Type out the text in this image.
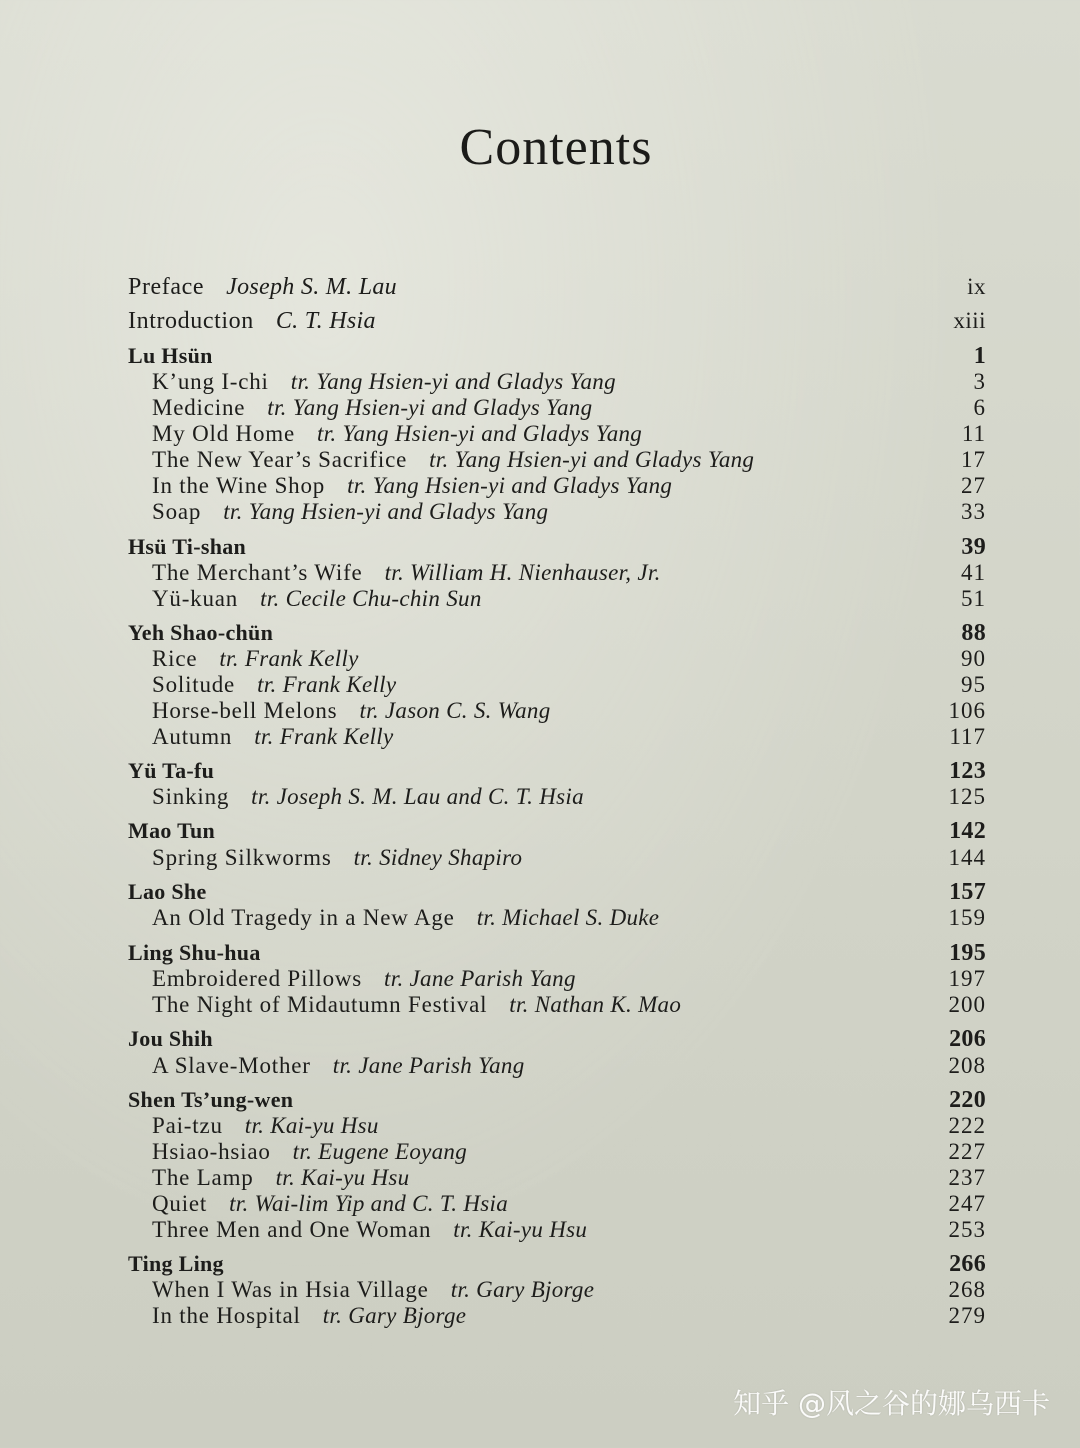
Contents
Preface Joseph S. M. Lau	ix
Introduction C. T. Hsia	xiii
Lu Hsün	1
K’ung I-chi tr. Yang Hsien-yi and Gladys Yang	3
Medicine tr. Yang Hsien-yi and Gladys Yang	6
My Old Home tr. Yang Hsien-yi and Gladys Yang	11
The New Year’s Sacrifice tr. Yang Hsien-yi and Gladys Yang	17
In the Wine Shop tr. Yang Hsien-yi and Gladys Yang	27
Soap tr. Yang Hsien-yi and Gladys Yang	33
Hsü Ti-shan	39
The Merchant’s Wife tr. William H. Nienhauser, Jr.	41
Yü-kuan tr. Cecile Chu-chin Sun	51
Yeh Shao-chün	88
Rice tr. Frank Kelly	90
Solitude tr. Frank Kelly	95
Horse-bell Melons tr. Jason C. S. Wang	106
Autumn tr. Frank Kelly	117
Yü Ta-fu	123
Sinking tr. Joseph S. M. Lau and C. T. Hsia	125
Mao Tun	142
Spring Silkworms tr. Sidney Shapiro	144
Lao She	157
An Old Tragedy in a New Age tr. Michael S. Duke	159
Ling Shu-hua	195
Embroidered Pillows tr. Jane Parish Yang	197
The Night of Midautumn Festival tr. Nathan K. Mao	200
Jou Shih	206
A Slave-Mother tr. Jane Parish Yang	208
Shen Ts’ung-wen	220
Pai-tzu tr. Kai-yu Hsu	222
Hsiao-hsiao tr. Eugene Eoyang	227
The Lamp tr. Kai-yu Hsu	237
Quiet tr. Wai-lim Yip and C. T. Hsia	247
Three Men and One Woman tr. Kai-yu Hsu	253
Ting Ling	266
When I Was in Hsia Village tr. Gary Bjorge	268
In the Hospital tr. Gary Bjorge	279
知乎 @风之谷的娜乌西卡
